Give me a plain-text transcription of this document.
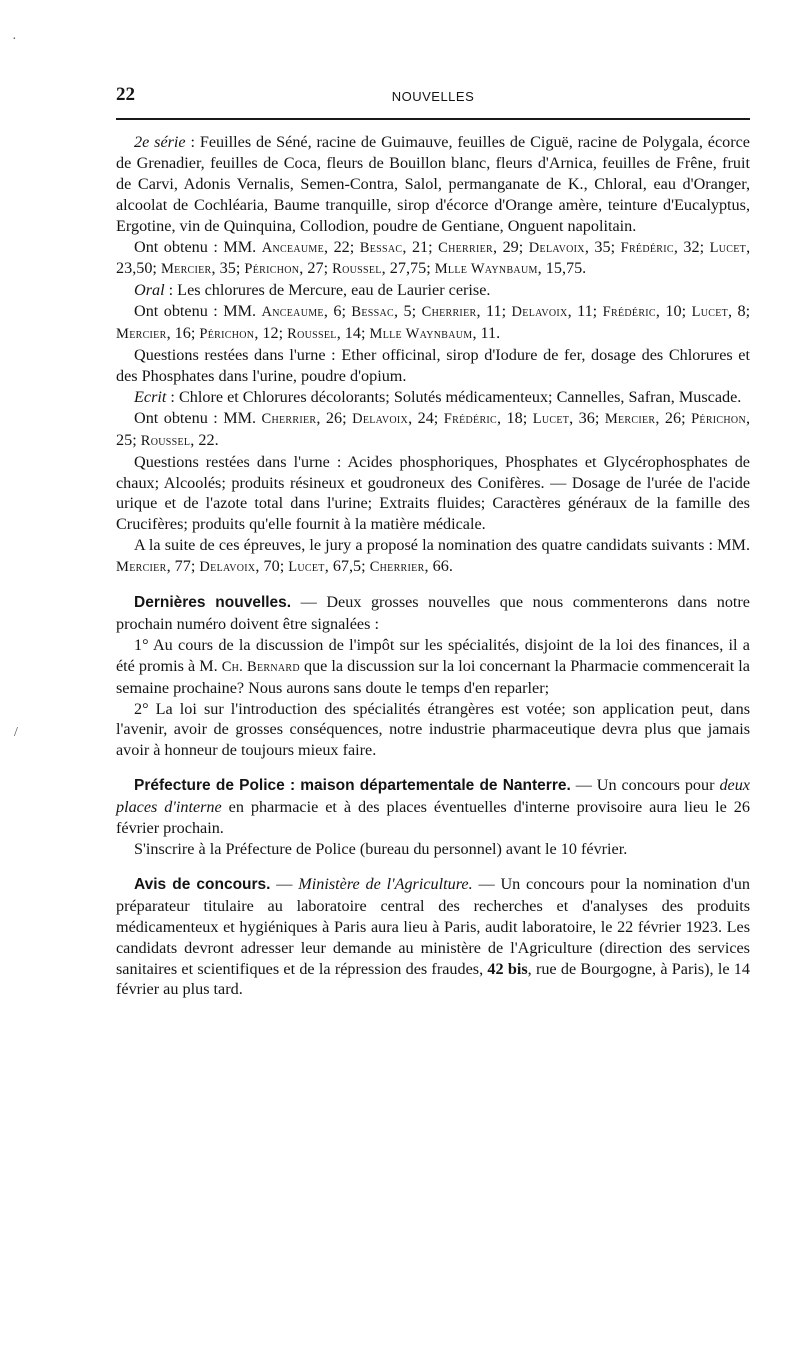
22	NOUVELLES

2e série : Feuilles de Séné, racine de Guimauve, feuilles de Ciguë, racine de Polygala, écorce de Grenadier, feuilles de Coca, fleurs de Bouillon blanc, fleurs d'Arnica, feuilles de Frêne, fruit de Carvi, Adonis Vernalis, Semen-Contra, Salol, permanganate de K., Chloral, eau d'Oranger, alcoolat de Cochléaria, Baume tranquille, sirop d'écorce d'Orange amère, teinture d'Eucalyptus, Ergotine, vin de Quinquina, Collodion, poudre de Gentiane, Onguent napolitain.

Ont obtenu : MM. Anceaume, 22; Bessac, 21; Cherrier, 29; Delavoix, 35; Frédéric, 32; Lucet, 23,50; Mercier, 35; Périchon, 27; Roussel, 27,75; Mlle Waynbaum, 15,75.

Oral : Les chlorures de Mercure, eau de Laurier cerise.

Ont obtenu : MM. Anceaume, 6; Bessac, 5; Cherrier, 11; Delavoix, 11; Frédéric, 10; Lucet, 8; Mercier, 16; Périchon, 12; Roussel, 14; Mlle Waynbaum, 11.

Questions restées dans l'urne : Ether officinal, sirop d'Iodure de fer, dosage des Chlorures et des Phosphates dans l'urine, poudre d'opium.

Ecrit : Chlore et Chlorures décolorants; Solutés médicamenteux; Cannelles, Safran, Muscade.

Ont obtenu : MM. Cherrier, 26; Delavoix, 24; Frédéric, 18; Lucet, 36; Mercier, 26; Périchon, 25; Roussel, 22.

Questions restées dans l'urne : Acides phosphoriques, Phosphates et Glycérophosphates de chaux; Alcoolés; produits résineux et goudroneux des Conifères. — Dosage de l'urée de l'acide urique et de l'azote total dans l'urine; Extraits fluides; Caractères généraux de la famille des Crucifères; produits qu'elle fournit à la matière médicale.

A la suite de ces épreuves, le jury a proposé la nomination des quatre candidats suivants : MM. Mercier, 77; Delavoix, 70; Lucet, 67,5; Cherrier, 66.

Dernières nouvelles. — Deux grosses nouvelles que nous commenterons dans notre prochain numéro doivent être signalées :

1° Au cours de la discussion de l'impôt sur les spécialités, disjoint de la loi des finances, il a été promis à M. Ch. Bernard que la discussion sur la loi concernant la Pharmacie commencerait la semaine prochaine? Nous aurons sans doute le temps d'en reparler;

2° La loi sur l'introduction des spécialités étrangères est votée; son application peut, dans l'avenir, avoir de grosses conséquences, notre industrie pharmaceutique devra plus que jamais avoir à honneur de toujours mieux faire.

Préfecture de Police : maison départementale de Nanterre. — Un concours pour deux places d'interne en pharmacie et à des places éventuelles d'interne provisoire aura lieu le 26 février prochain.

S'inscrire à la Préfecture de Police (bureau du personnel) avant le 10 février.

Avis de concours. — Ministère de l'Agriculture. — Un concours pour la nomination d'un préparateur titulaire au laboratoire central des recherches et d'analyses des produits médicamenteux et hygiéniques à Paris aura lieu à Paris, audit laboratoire, le 22 février 1923. Les candidats devront adresser leur demande au ministère de l'Agriculture (direction des services sanitaires et scientifiques et de la répression des fraudes, 42 bis, rue de Bourgogne, à Paris), le 14 février au plus tard.

·
/
